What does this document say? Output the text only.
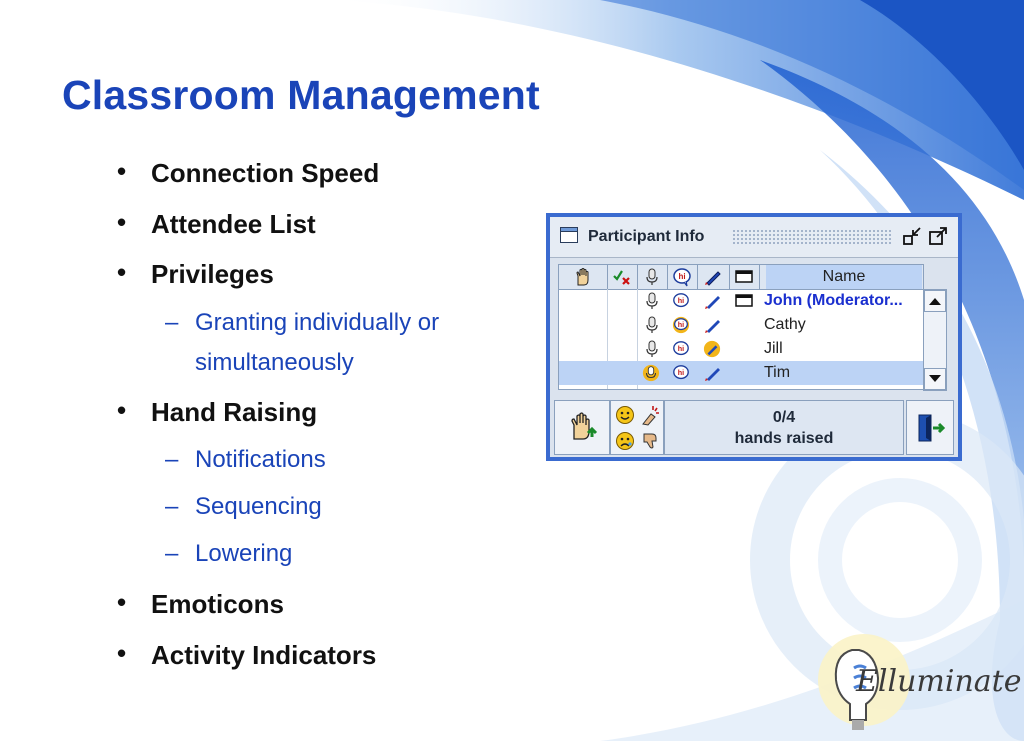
Classroom Management
• Connection Speed
• Attendee List
• Privileges
– Granting individually or
simultaneously
• Hand Raising
– Notifications
– Sequencing
– Lowering
• Emoticons
• Activity Indicators
Participant Info
hi	Name
hi	John (Moderator...
hi	Cathy
hi	Jill
hi	Tim
0/4
hands raised
Elluminate
